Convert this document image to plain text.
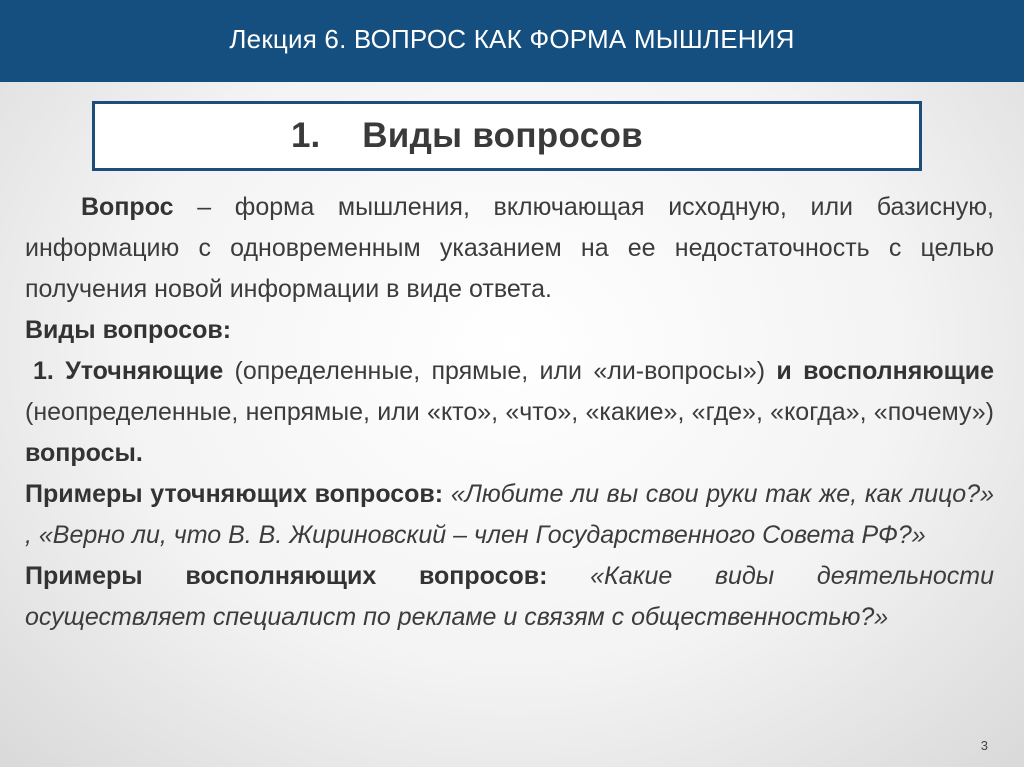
Лекция 6. ВОПРОС КАК ФОРМА МЫШЛЕНИЯ
1. Виды вопросов

Вопрос – форма мышления, включающая исходную, или базисную, информацию с одновременным указанием на ее недостаточность с целью получения новой информации в виде ответа.

Виды вопросов:

1. Уточняющие (определенные, прямые, или «ли-вопросы») и восполняющие (неопределенные, непрямые, или «кто», «что», «какие», «где», «когда», «почему») вопросы.

Примеры уточняющих вопросов: «Любите ли вы свои руки так же, как лицо?» , «Верно ли, что В. В. Жириновский – член Государственного Совета РФ?»

Примеры восполняющих вопросов: «Какие виды деятельности осуществляет специалист по рекламе и связям с общественностью?»

3
